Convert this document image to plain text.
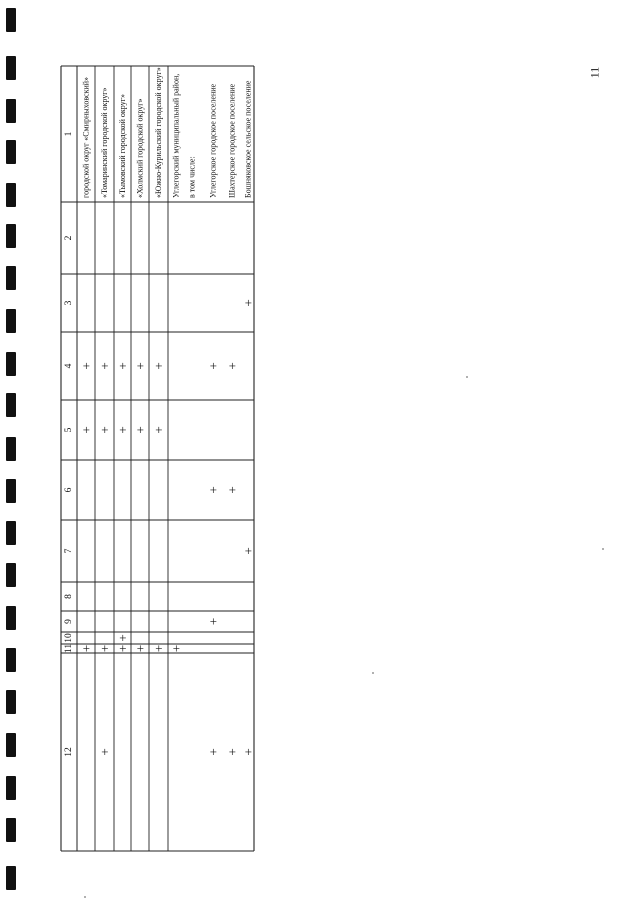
11
1
2
3
4
5
6
7
8
9
10
11
12
городской округ «Смирныховский»
+
+
+
«Томаринский городской округ»
+
+
+
+
«Тымовский городской округ»
+
+
+
+
«Холмский городской округ»
+
+
+
«Южно-Курильский городской округ»
+
+
+
Углегорский муниципальный район,
+
в том числе: Углегорское городское поселение
+
+
+
+
Шахтерское городское поселение
+
+
+
Бошняковское сельское поселение
+
+
+
